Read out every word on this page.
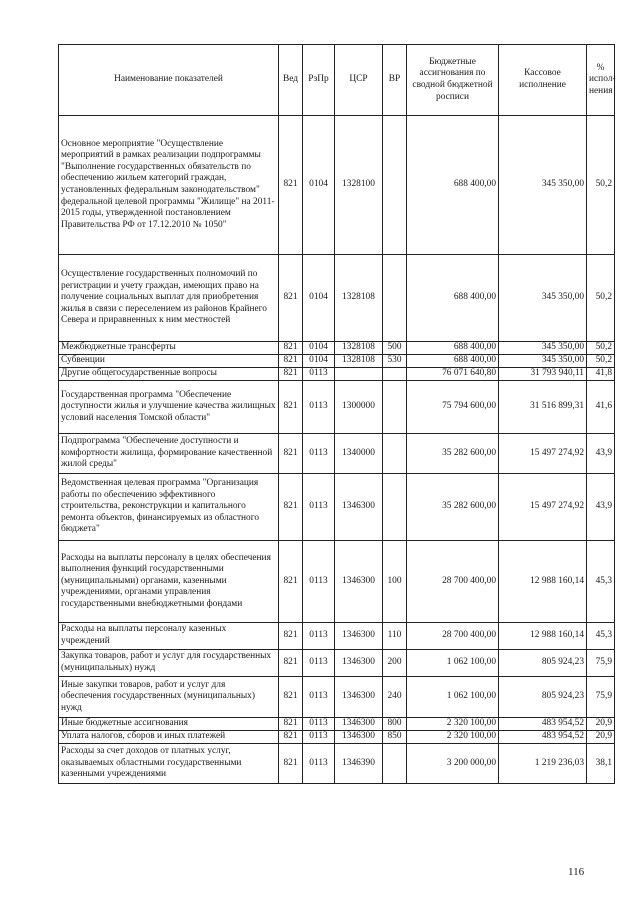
Наименование показателей	Вед	РзПр	ЦСР	ВР	Бюджетные ассигнования по сводной бюджетной росписи	Кассовое исполнение	% испол-нения
Основное мероприятие "Осуществление мероприятий в рамках реализации подпрограммы "Выполнение государственных обязательств по обеспечению жильем категорий граждан, установленных федеральным законодательством" федеральной целевой программы "Жилище" на 2011-2015 годы, утвержденной постановлением Правительства РФ от 17.12.2010 № 1050"	821	0104	1328100		688 400,00	345 350,00	50,2
Осуществление государственных полномочий по регистрации и учету граждан, имеющих право на получение социальных выплат для приобретения жилья в связи с переселением из районов Крайнего Севера и приравненных к ним местностей	821	0104	1328108		688 400,00	345 350,00	50,2
Межбюджетные трансферты	821	0104	1328108	500	688 400,00	345 350,00	50,2
Субвенции	821	0104	1328108	530	688 400,00	345 350,00	50,2
Другие общегосударственные вопросы	821	0113			76 071 640,80	31 793 940,11	41,8
Государственная программа "Обеспечение доступности жилья и улучшение качества жилищных условий населения Томской области"	821	0113	1300000		75 794 600,00	31 516 899,31	41,6
Подпрограмма "Обеспечение доступности и комфортности жилища, формирование качественной жилой среды"	821	0113	1340000		35 282 600,00	15 497 274,92	43,9
Ведомственная целевая программа "Организация работы по обеспечению эффективного строительства, реконструкции и капитального ремонта объектов, финансируемых из областного бюджета"	821	0113	1346300		35 282 600,00	15 497 274,92	43,9
Расходы на выплаты персоналу в целях обеспечения выполнения функций государственными (муниципальными) органами, казенными учреждениями, органами управления государственными внебюджетными фондами	821	0113	1346300	100	28 700 400,00	12 988 160,14	45,3
Расходы на выплаты персоналу казенных учреждений	821	0113	1346300	110	28 700 400,00	12 988 160,14	45,3
Закупка товаров, работ и услуг для государственных (муниципальных) нужд	821	0113	1346300	200	1 062 100,00	805 924,23	75,9
Иные закупки товаров, работ и услуг для обеспечения государственных (муниципальных) нужд	821	0113	1346300	240	1 062 100,00	805 924,23	75,9
Иные бюджетные ассигнования	821	0113	1346300	800	2 320 100,00	483 954,52	20,9
Уплата налогов, сборов и иных платежей	821	0113	1346300	850	2 320 100,00	483 954,52	20,9
Расходы за счет доходов от платных услуг, оказываемых областными государственными казенными учреждениями	821	0113	1346390		3 200 000,00	1 219 236,03	38,1
116
